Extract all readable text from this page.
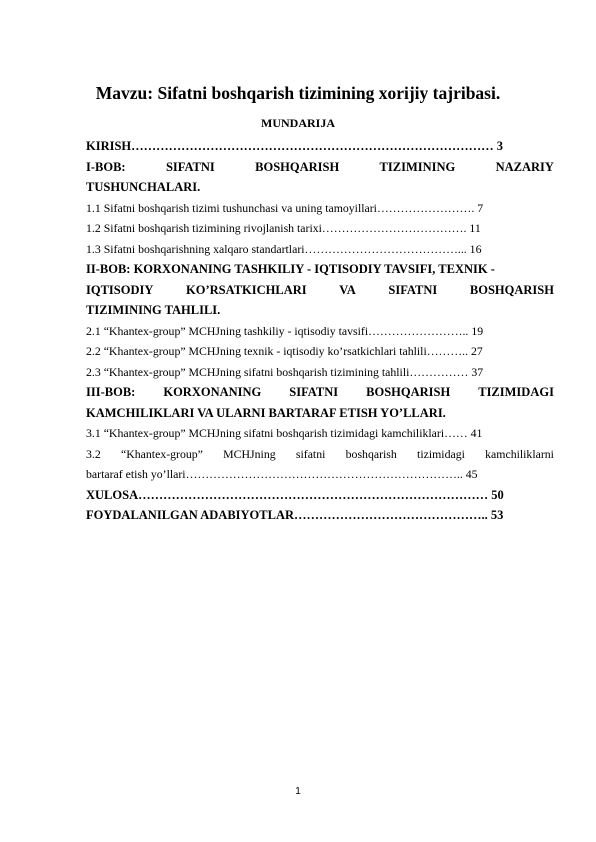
Mavzu: Sifatni boshqarish tizimining xorijiy tajribasi.
MUNDARIJA
KIRISH…………………………………………………………………………… 3
I-BOB:	SIFATNI	BOSHQARISH	TIZIMINING	NAZARIY
TUSHUNCHALARI.
1.1 Sifatni boshqarish tizimi tushunchasi va uning tamoyillari……………………. 7
1.2 Sifatni boshqarish tizimining rivojlanish tarixi………………………………. 11
1.3 Sifatni boshqarishning xalqaro standartlari…………………………………... 16
II-BOB: KORXONANING TASHKILIY - IQTISODIY TAVSIFI, TEXNIK -
IQTISODIY	KO’RSATKICHLARI	VA	SIFATNI	BOSHQARISH
TIZIMINING TAHLILI.
2.1 “Khantex-group” MCHJning tashkiliy - iqtisodiy tavsifi…………………….. 19
2.2 “Khantex-group” MCHJning texnik - iqtisodiy ko’rsatkichlari tahlili……….. 27
2.3 “Khantex-group” MCHJning sifatni boshqarish tizimining tahlili…………… 37
III-BOB: KORXONANING SIFATNI BOSHQARISH TIZIMIDAGI
KAMCHILIKLARI VA ULARNI BARTARAF ETISH YO’LLARI.
3.1 “Khantex-group” MCHJning sifatni boshqarish tizimidagi kamchiliklari…… 41
3.2 “Khantex-group” MCHJning sifatni boshqarish tizimidagi kamchiliklarni
bartaraf etish yo’llari…………………………………………………………….. 45
XULOSA………………………………………………………………………… 50
FOYDALANILGAN ADABIYOTLAR……………………………………….. 53
1
